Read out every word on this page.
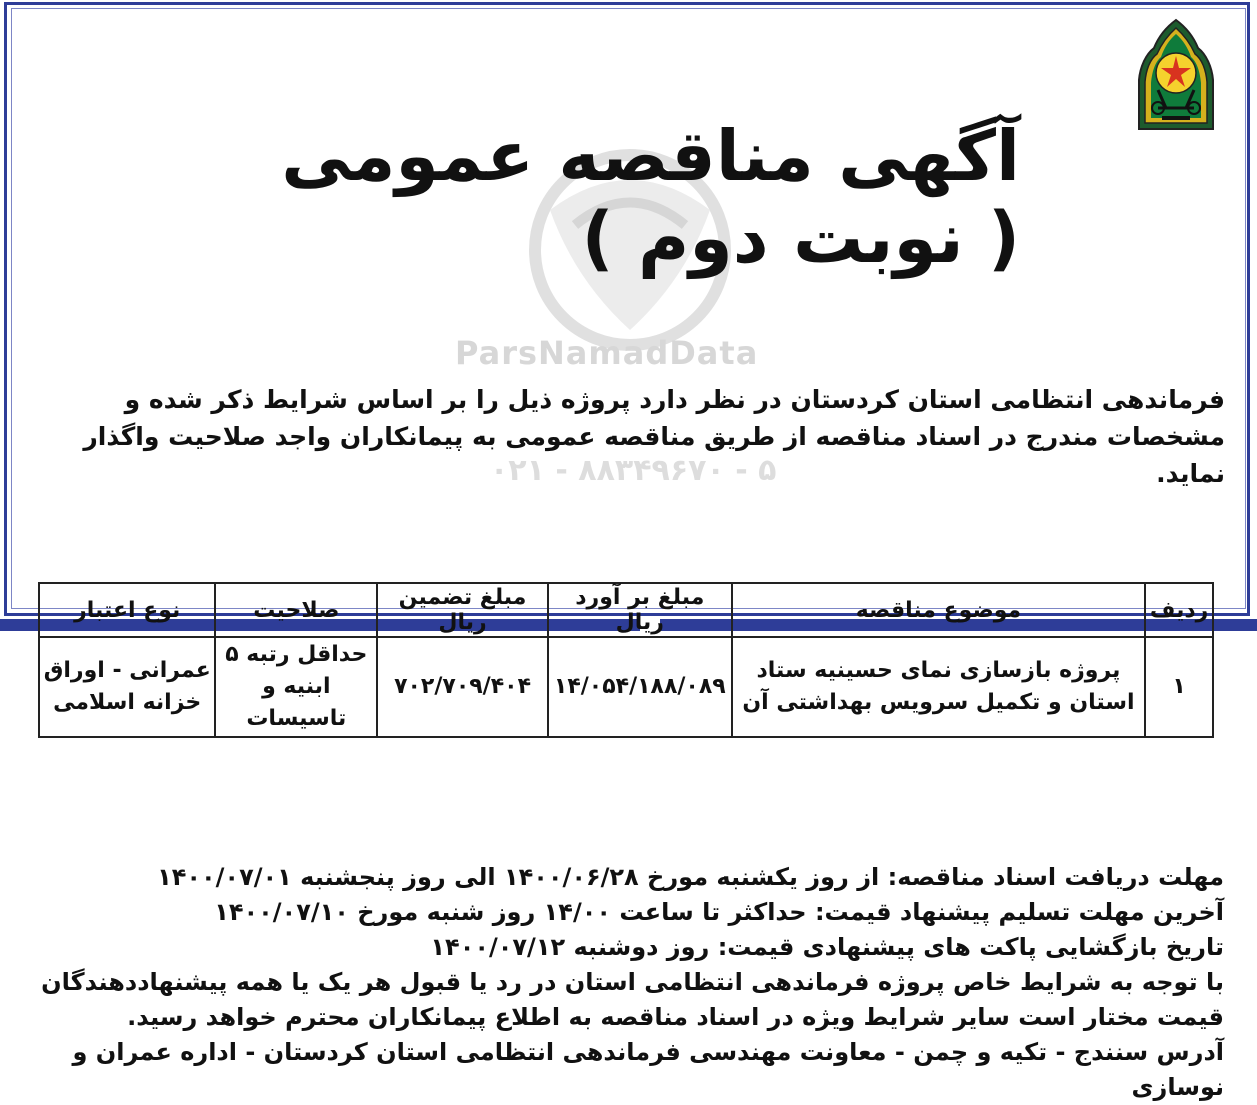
ParsNamadData
۰۲۱ - ۸۸۳۴۹۶۷۰ - ۵
آگهی مناقصه عمومی ( نوبت دوم )
فرماندهی انتظامی استان کردستان در نظر دارد پروژه ذیل را بر اساس شرایط ذکر شده و مشخصات مندرج در اسناد مناقصه از طریق مناقصه عمومی به پیمانکاران واجد صلاحیت واگذار نماید.
ردیف	موضوع مناقصه	مبلغ بر آورد ریال	مبلغ تضمین ریال	صلاحیت	نوع اعتبار
۱	پروژه بازسازی نمای حسینیه ستاد استان و تکمیل سرویس بهداشتی آن	۱۴/۰۵۴/۱۸۸/۰۸۹	۷۰۲/۷۰۹/۴۰۴	حداقل رتبه ۵ ابنیه و تاسیسات	عمرانی - اوراق خزانه اسلامی
مهلت دریافت اسناد مناقصه: از روز یکشنبه مورخ ۱۴۰۰/۰۶/۲۸ الی روز پنجشنبه ۱۴۰۰/۰۷/۰۱
آخرین مهلت تسلیم پیشنهاد قیمت: حداکثر تا ساعت ۱۴/۰۰ روز شنبه مورخ ۱۴۰۰/۰۷/۱۰
تاریخ بازگشایی پاکت های پیشنهادی قیمت: روز دوشنبه ۱۴۰۰/۰۷/۱۲
با توجه به شرایط خاص پروژه فرماندهی انتظامی استان در رد یا قبول هر یک یا همه پیشنهاددهندگان قیمت مختار است سایر شرایط ویژه در اسناد مناقصه به اطلاع پیمانکاران محترم خواهد رسید.
آدرس سنندج - تکیه و چمن - معاونت مهندسی فرماندهی انتظامی استان کردستان - اداره عمران و نوسازی
